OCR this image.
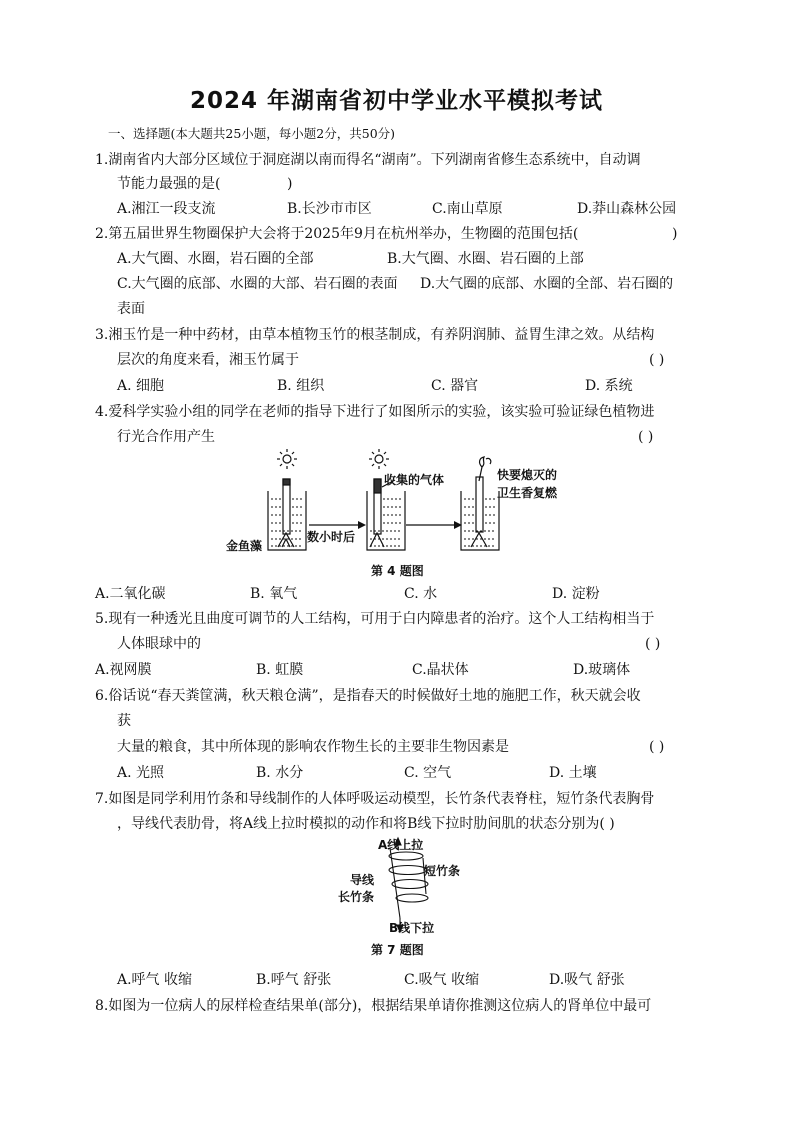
2024 年湖南省初中学业水平模拟考试
一、选择题(本大题共25小题，每小题2分，共50分)
1.湖南省内大部分区域位于洞庭湖以南而得名“湖南”。下列湖南省修生态系统中，自动调
节能力最强的是(	)
A.湘江一段支流	B.长沙市市区	C.南山草原	D.莽山森林公园
2.第五届世界生物圈保护大会将于2025年9月在杭州举办，生物圈的范围包括(	)
A.大气圈、水圈，岩石圈的全部	B.大气圈、水圈、岩石圈的上部
C.大气圈的底部、水圈的大部、岩石圈的表面 D.大气圈的底部、水圈的全部、岩石圈的
表面
3.湘玉竹是一种中药材，由草本植物玉竹的根茎制成，有养阴润肺、益胃生津之效。从结构
层次的角度来看，湘玉竹属于	( )
A. 细胞	B. 组织	C. 器官	D. 系统
4.爱科学实验小组的同学在老师的指导下进行了如图所示的实验，该实验可验证绿色植物进
行光合作用产生	( )
收集的气体	快要熄灭的
卫生香复燃
金鱼藻
数小时后
第 4 题图
A.二氧化碳	B. 氧气	C. 水	D. 淀粉
5.现有一种透光且曲度可调节的人工结构，可用于白内障患者的治疗。这个人工结构相当于
人体眼球中的	( )
A.视网膜	B. 虹膜	C.晶状体	D.玻璃体
6.俗话说“春天粪筐满，秋天粮仓满”，是指春天的时候做好土地的施肥工作，秋天就会收
获
大量的粮食，其中所体现的影响农作物生长的主要非生物因素是	( )
A. 光照	B. 水分	C. 空气	D. 土壤
7.如图是同学利用竹条和导线制作的人体呼吸运动模型，长竹条代表脊柱，短竹条代表胸骨
，导线代表肋骨，将A线上拉时模拟的动作和将B线下拉时肋间肌的状态分别为( )
A线上拉
短竹条
导线
长竹条
B线下拉
第 7 题图
A.呼气 收缩	B.呼气 舒张	C.吸气 收缩	D.吸气 舒张
8.如图为一位病人的尿样检查结果单(部分)，根据结果单请你推测这位病人的肾单位中最可
